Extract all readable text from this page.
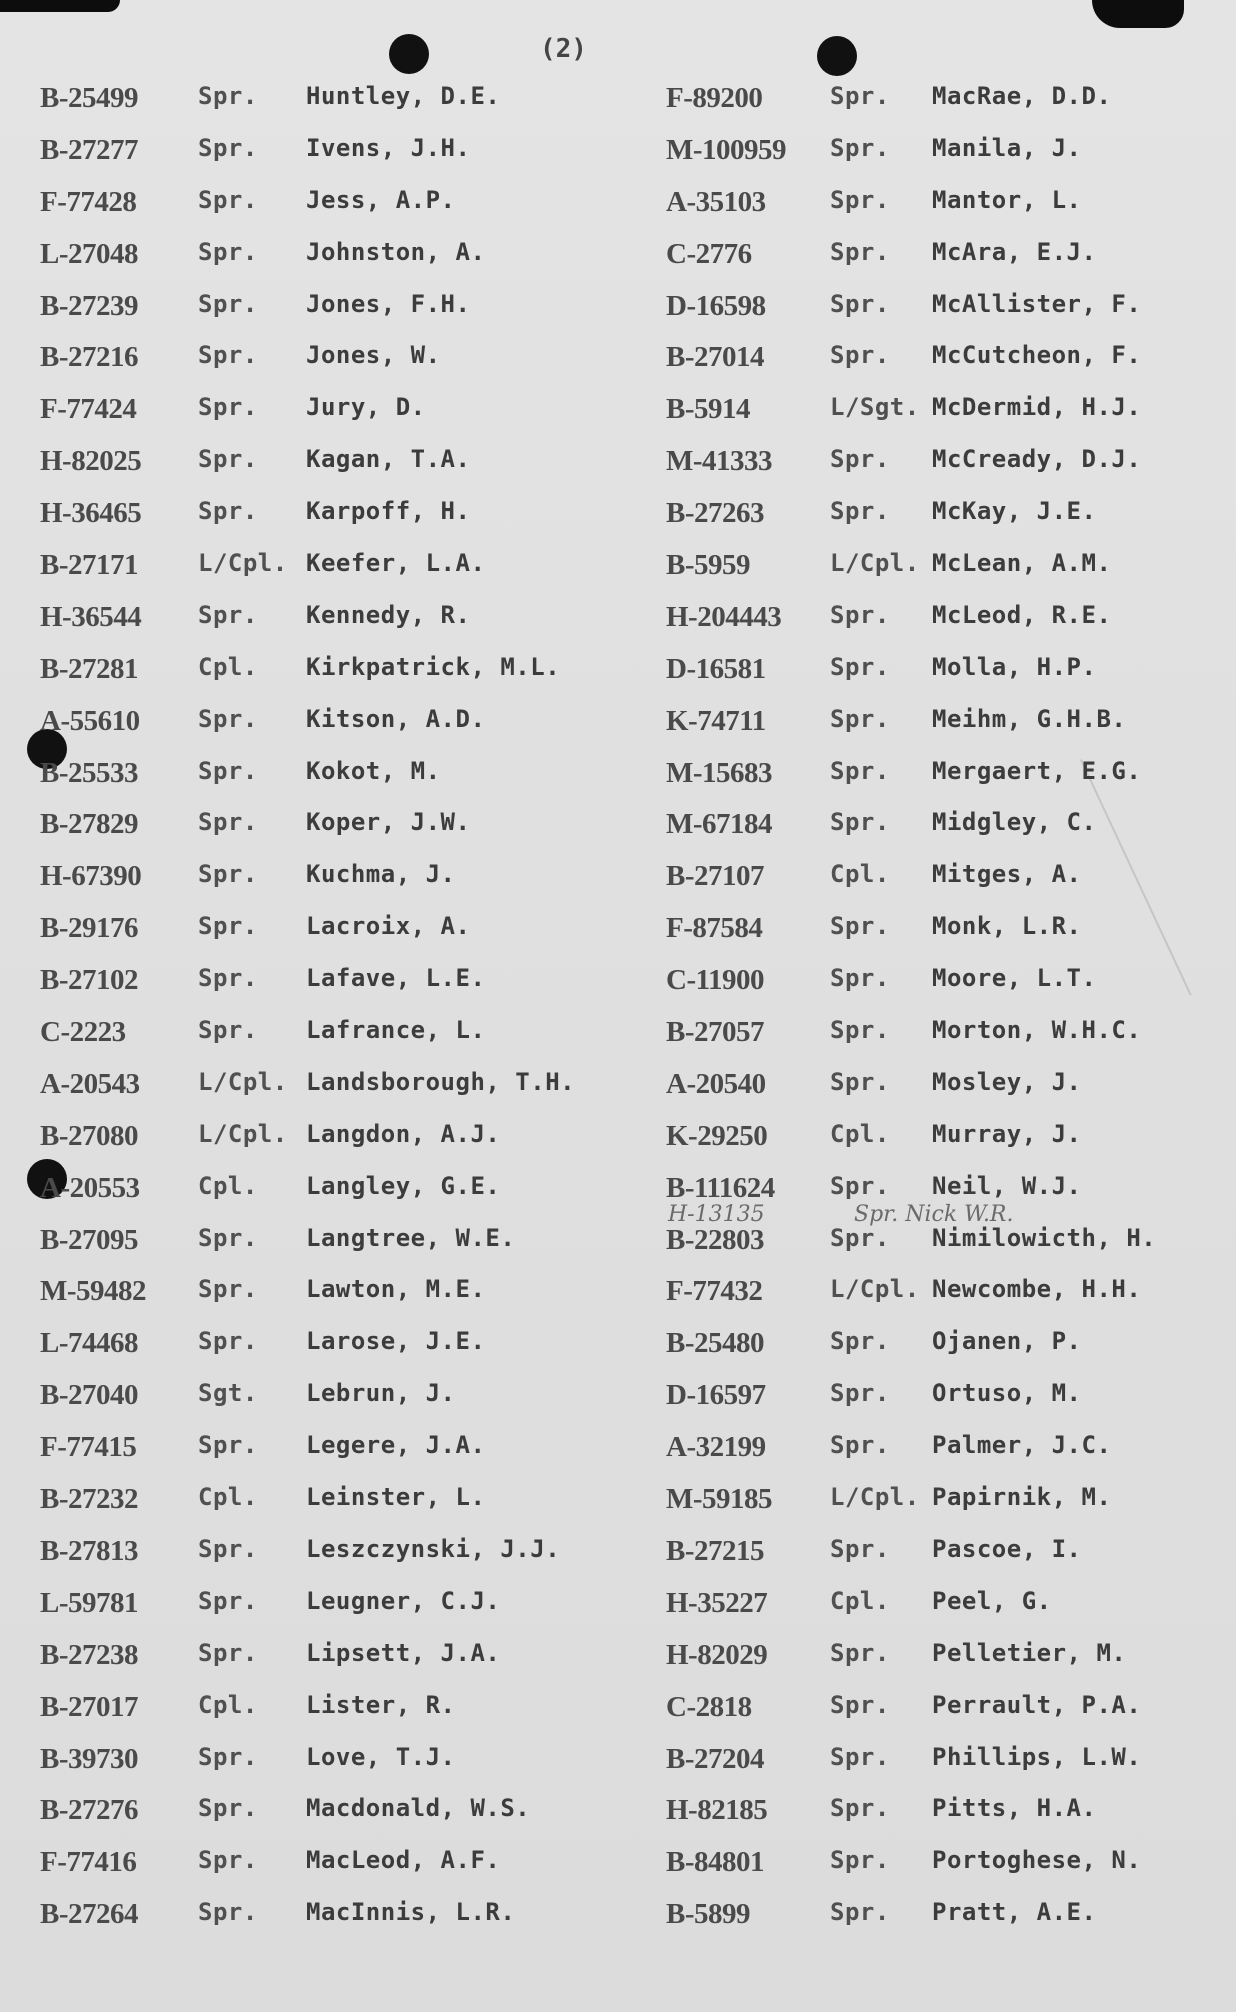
(2)
B-25499	Spr. Huntley, D.E.
B-27277	Spr. Ivens, J.H.
F-77428	Spr. Jess, A.P.
L-27048	Spr. Johnston, A.
B-27239	Spr. Jones, F.H.
B-27216	Spr. Jones, W.
F-77424	Spr. Jury, D.
H-82025 Spr. Kagan, T.A.
H-36465 Spr. Karpoff, H.
B-27171	L/Cpl. Keefer, L.A.
H-36544 Spr. Kennedy, R.
B-27281	Cpl. Kirkpatrick, M.L.
A-55610 Spr. Kitson, A.D.
B-25533	Spr. Kokot, M.
B-27829	Spr. Koper, J.W.
H-67390 Spr. Kuchma, J.
B-29176	Spr. Lacroix, A.
B-27102	Spr. Lafave, L.E.
C-2223	Spr. Lafrance, L.
A-20543 L/Cpl. Landsborough, T.H.
B-27080	L/Cpl. Langdon, A.J.
A-20553 Cpl. Langley, G.E.
B-27095	Spr. Langtree, W.E.
M-59482 Spr. Lawton, M.E.
L-74468	Spr. Larose, J.E.
B-27040	Sgt. Lebrun, J.
F-77415	Spr. Legere, J.A.
B-27232	Cpl. Leinster, L.
B-27813	Spr. Leszczynski, J.J.
L-59781	Spr. Leugner, C.J.
B-27238	Spr. Lipsett, J.A.
B-27017	Cpl. Lister, R.
B-39730	Spr. Love, T.J.
B-27276	Spr. Macdonald, W.S.
F-77416	Spr. MacLeod, A.F.
B-27264	Spr. MacInnis, L.R.
F-89200	Spr. MacRae, D.D.
M-100959 Spr. Manila, J.
A-35103	Spr. Mantor, L.
C-2776	Spr. McAra, E.J.
D-16598	Spr. McAllister, F.
B-27014	Spr. McCutcheon, F.
B-5914	L/Sgt. McDermid, H.J.
M-41333 Spr. McCready, D.J.
B-27263	Spr. McKay, J.E.
B-5959	L/Cpl. McLean, A.M.
H-204443 Spr. McLeod, R.E.
D-16581	Spr. Molla, H.P.
K-74711	Spr. Meihm, G.H.B.
M-15683 Spr. Mergaert, E.G.
M-67184 Spr. Midgley, C.
B-27107	Cpl. Mitges, A.
F-87584	Spr. Monk, L.R.
C-11900	Spr. Moore, L.T.
B-27057	Spr. Morton, W.H.C.
A-20540	Spr. Mosley, J.
K-29250	Cpl. Murray, J.
B-111624 Spr. Neil, W.J.
B-22803	Spr. Nimilowicth, H.
F-77432	L/Cpl. Newcombe, H.H.
B-25480	Spr. Ojanen, P.
D-16597	Spr. Ortuso, M.
A-32199	Spr. Palmer, J.C.
M-59185 L/Cpl. Papirnik, M.
B-27215	Spr. Pascoe, I.
H-35227	Cpl. Peel, G.
H-82029	Spr. Pelletier, M.
C-2818	Spr. Perrault, P.A.
B-27204	Spr. Phillips, L.W.
H-82185	Spr. Pitts, H.A.
B-84801	Spr. Portoghese, N.
B-5899	Spr. Pratt, A.E.
H-13135	Spr. Nick W.R.
